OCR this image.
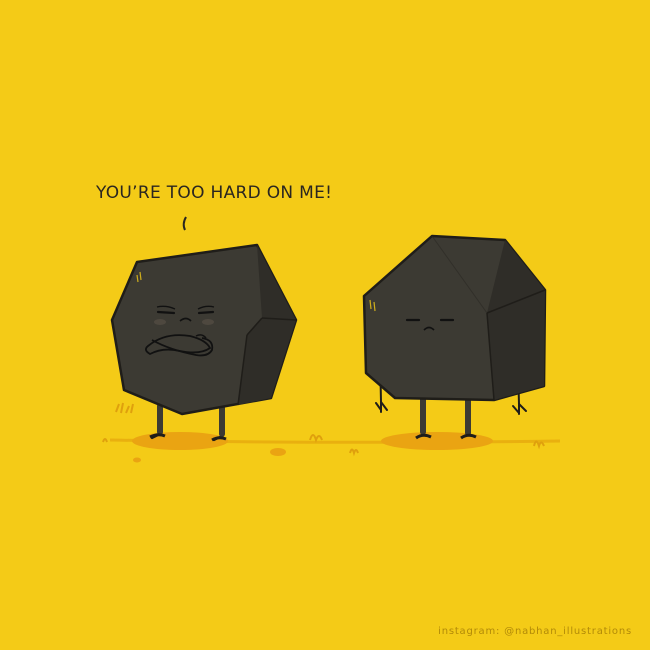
YOU’RE TOO HARD ON ME!
instagram: @nabhan_illustrations
